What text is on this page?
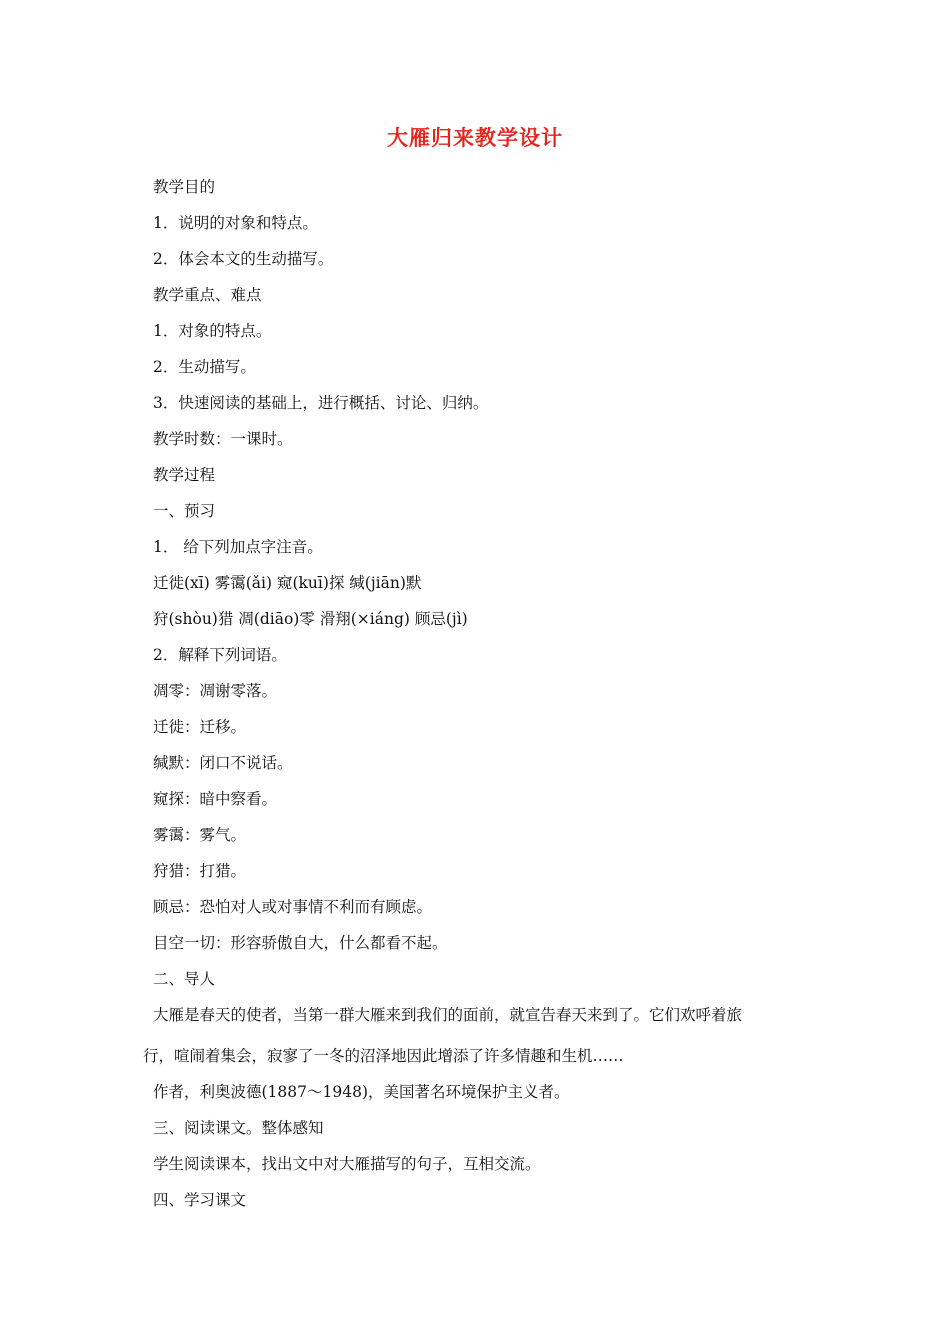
大雁归来教学设计
教学目的
1．说明的对象和特点。
2．体会本文的生动描写。
教学重点、难点
1．对象的特点。
2．生动描写。
3．快速阅读的基础上，进行概括、讨论、归纳。
教学时数：一课时。
教学过程
一、预习
1． 给下列加点字注音。
迁徙(xī) 雾霭(ǎi) 窥(kuī)探 缄(jiān)默
狩(shòu)猎 凋(diāo)零 滑翔(×iáng) 顾忌(jì)
2．解释下列词语。
凋零：凋谢零落。
迁徙：迁移。
缄默：闭口不说话。
窥探：暗中察看。
雾霭：雾气。
狩猎：打猎。
顾忌：恐怕对人或对事情不利而有顾虑。
目空一切：形容骄傲自大，什么都看不起。
二、导人
大雁是春天的使者，当第一群大雁来到我们的面前，就宣告春天来到了。它们欢呼着旅
行，喧闹着集会，寂寥了一冬的沼泽地因此增添了许多情趣和生机……
作者，利奥波德(1887～1948)，美国著名环境保护主义者。
三、阅读课文。整体感知
学生阅读课本，找出文中对大雁描写的句子，互相交流。
四、学习课文
